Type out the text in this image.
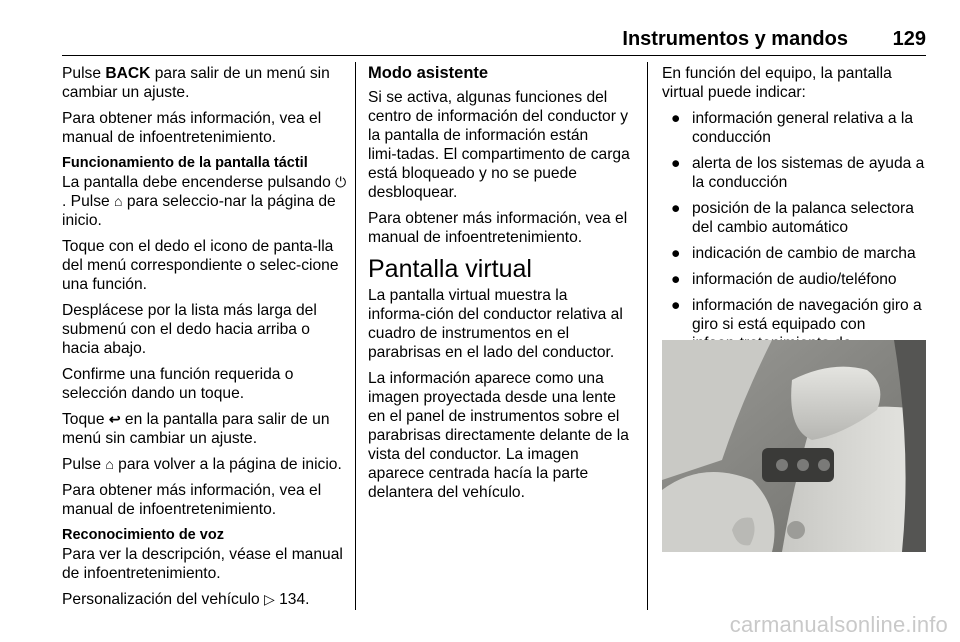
Instrumentos y mandos 129

Pulse BACK para salir de un menú sin cambiar un ajuste.

Para obtener más información, vea el manual de infoentretenimiento.

Funcionamiento de la pantalla táctil

La pantalla debe encenderse pulsando ⏻. Pulse ⌂ para seleccio‑nar la página de inicio.

Toque con el dedo el icono de panta‑lla del menú correspondiente o selec‑cione una función.

Desplácese por la lista más larga del submenú con el dedo hacia arriba o hacia abajo.

Confirme una función requerida o selección dando un toque.

Toque ↩ en la pantalla para salir de un menú sin cambiar un ajuste.

Pulse ⌂ para volver a la página de inicio.

Para obtener más información, vea el manual de infoentretenimiento.

Reconocimiento de voz

Para ver la descripción, véase el manual de infoentretenimiento.

Personalización del vehículo ▷ 134.

Modo asistente

Si se activa, algunas funciones del centro de información del conductor y la pantalla de información están limi‑tadas. El compartimento de carga está bloqueado y no se puede desbloquear.

Para obtener más información, vea el manual de infoentretenimiento.

Pantalla virtual

La pantalla virtual muestra la informa‑ción del conductor relativa al cuadro de instrumentos en el parabrisas en el lado del conductor.

La información aparece como una imagen proyectada desde una lente en el panel de instrumentos sobre el parabrisas directamente delante de la vista del conductor. La imagen aparece centrada hacía la parte delantera del vehículo.

En función del equipo, la pantalla virtual puede indicar:

● información general relativa a la conducción
● alerta de los sistemas de ayuda a la conducción
● posición de la palanca selectora del cambio automático
● indicación de cambio de marcha
● información de audio/teléfono
● información de navegación giro a giro si está equipado con
carmanualsonline.info
